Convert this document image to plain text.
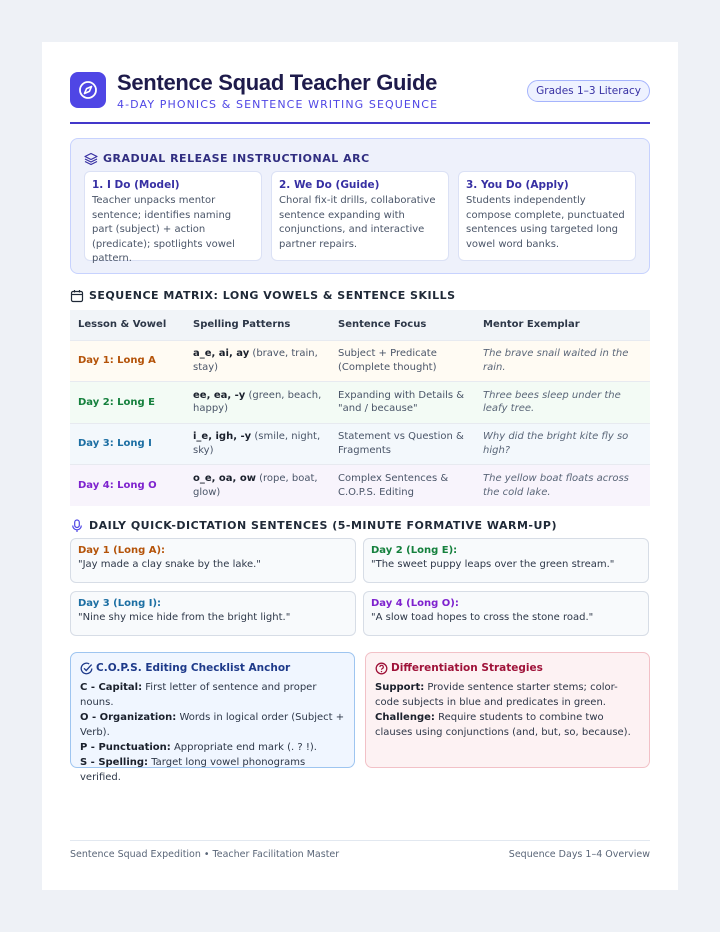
Sentence Squad Teacher Guide
4-DAY PHONICS & SENTENCE WRITING SEQUENCE
Grades 1–3 Literacy
GRADUAL RELEASE INSTRUCTIONAL ARC
1. I Do (Model)
Teacher unpacks mentor sentence; identifies naming part (subject) + action (predicate); spotlights vowel pattern.
2. We Do (Guide)
Choral fix-it drills, collaborative sentence expanding with conjunctions, and interactive partner repairs.
3. You Do (Apply)
Students independently compose complete, punctuated sentences using targeted long vowel word banks.
SEQUENCE MATRIX: LONG VOWELS & SENTENCE SKILLS
Lesson & Vowel	Spelling Patterns	Sentence Focus	Mentor Exemplar
Day 1: Long A	a_e, ai, ay (brave, train, stay)	Subject + Predicate (Complete thought)	The brave snail waited in the rain.
Day 2: Long E	ee, ea, -y (green, beach, happy)	Expanding with Details & "and / because"	Three bees sleep under the leafy tree.
Day 3: Long I	i_e, igh, -y (smile, night, sky)	Statement vs Question & Fragments	Why did the bright kite fly so high?
Day 4: Long O	o_e, oa, ow (rope, boat, glow)	Complex Sentences & C.O.P.S. Editing	The yellow boat floats across the cold lake.
DAILY QUICK-DICTATION SENTENCES (5-MINUTE FORMATIVE WARM-UP)
Day 1 (Long A):
"Jay made a clay snake by the lake."
Day 2 (Long E):
"The sweet puppy leaps over the green stream."
Day 3 (Long I):
"Nine shy mice hide from the bright light."
Day 4 (Long O):
"A slow toad hopes to cross the stone road."
C.O.P.S. Editing Checklist Anchor
C - Capital: First letter of sentence and proper nouns.
O - Organization: Words in logical order (Subject + Verb).
P - Punctuation: Appropriate end mark (. ? !).
S - Spelling: Target long vowel phonograms verified.
Differentiation Strategies
Support: Provide sentence starter stems; color-code subjects in blue and predicates in green.
Challenge: Require students to combine two clauses using conjunctions (and, but, so, because).
Sentence Squad Expedition • Teacher Facilitation Master	Sequence Days 1–4 Overview
